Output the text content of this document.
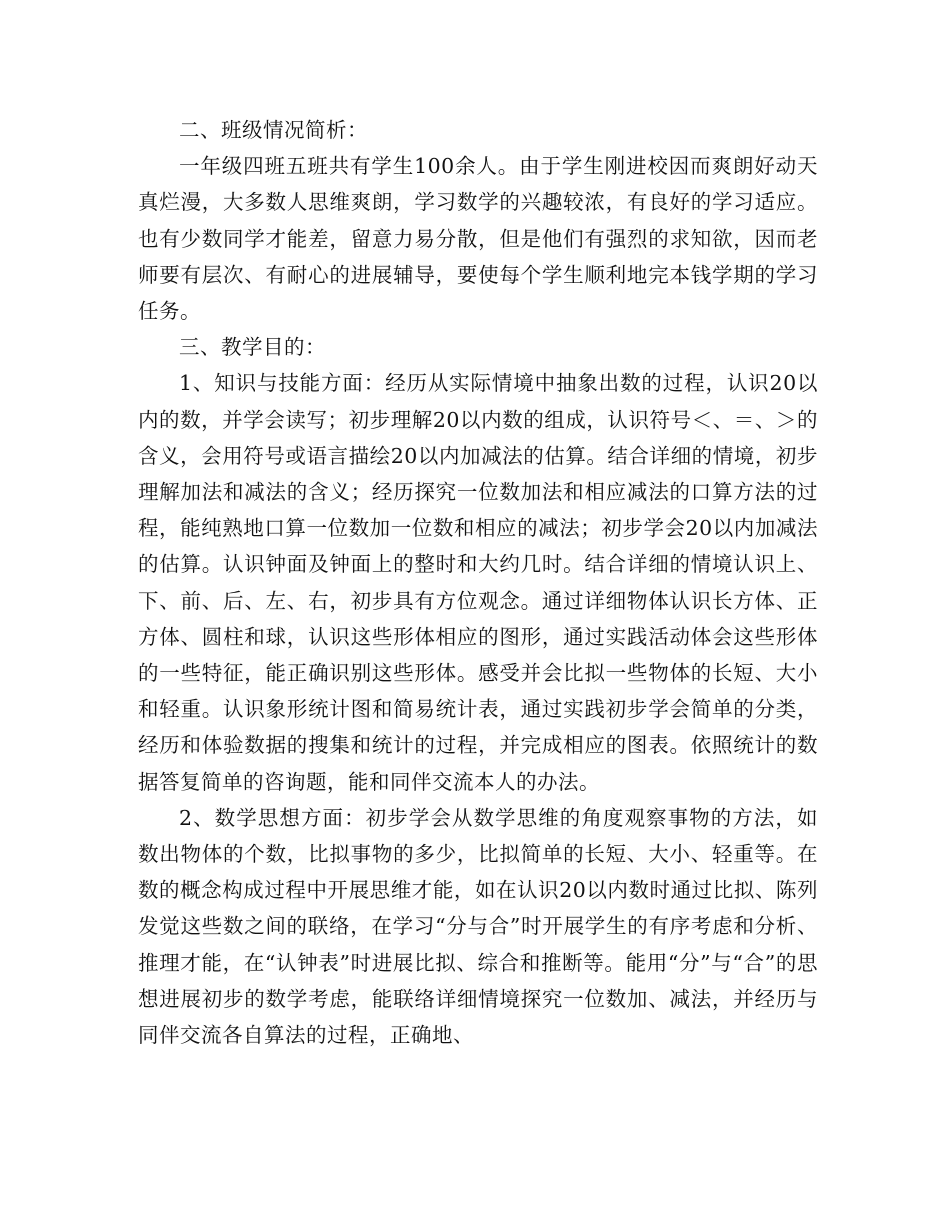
二、班级情况简析：

一年级四班五班共有学生100余人。由于学生刚进校因而爽朗好动天真烂漫，大多数人思维爽朗，学习数学的兴趣较浓，有良好的学习适应。也有少数同学才能差，留意力易分散，但是他们有强烈的求知欲，因而老师要有层次、有耐心的进展辅导，要使每个学生顺利地完本钱学期的学习任务。

三、教学目的：

1、知识与技能方面：经历从实际情境中抽象出数的过程，认识20以内的数，并学会读写；初步理解20以内数的组成，认识符号＜、＝、＞的含义，会用符号或语言描绘20以内加减法的估算。结合详细的情境，初步理解加法和减法的含义；经历探究一位数加法和相应减法的口算方法的过程，能纯熟地口算一位数加一位数和相应的减法；初步学会20以内加减法的估算。认识钟面及钟面上的整时和大约几时。结合详细的情境认识上、下、前、后、左、右，初步具有方位观念。通过详细物体认识长方体、正方体、圆柱和球，认识这些形体相应的图形，通过实践活动体会这些形体的一些特征，能正确识别这些形体。感受并会比拟一些物体的长短、大小和轻重。认识象形统计图和简易统计表，通过实践初步学会简单的分类，经历和体验数据的搜集和统计的过程，并完成相应的图表。依照统计的数据答复简单的咨询题，能和同伴交流本人的办法。

2、数学思想方面：初步学会从数学思维的角度观察事物的方法，如数出物体的个数，比拟事物的多少，比拟简单的长短、大小、轻重等。在数的概念构成过程中开展思维才能，如在认识20以内数时通过比拟、陈列发觉这些数之间的联络，在学习“分与合”时开展学生的有序考虑和分析、推理才能，在“认钟表”时进展比拟、综合和推断等。能用“分”与“合”的思想进展初步的数学考虑，能联络详细情境探究一位数加、减法，并经历与同伴交流各自算法的过程，正确地、
